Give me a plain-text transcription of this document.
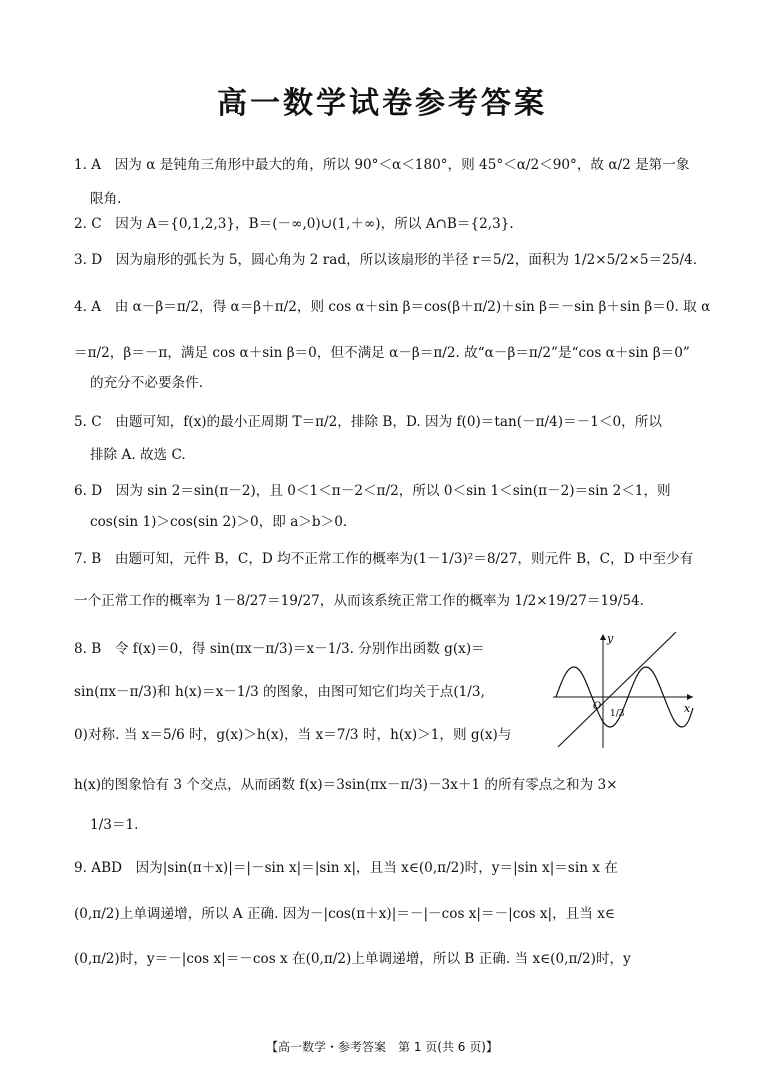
高一数学试卷参考答案
1. A　因为 α 是钝角三角形中最大的角，所以 90°＜α＜180°，则 45°＜α/2＜90°，故 α/2 是第一象
限角.
2. C　因为 A＝{0,1,2,3}，B＝(－∞,0)∪(1,＋∞)，所以 A∩B＝{2,3}.
3. D　因为扇形的弧长为 5，圆心角为 2 rad，所以该扇形的半径 r＝5/2，面积为 1/2×5/2×5＝25/4.
4. A　由 α－β＝π/2，得 α＝β＋π/2，则 cos α＋sin β＝cos(β＋π/2)＋sin β＝－sin β＋sin β＝0. 取 α
＝π/2，β＝－π，满足 cos α＋sin β＝0，但不满足 α－β＝π/2. 故“α－β＝π/2”是“cos α＋sin β＝0”
的充分不必要条件.
5. C　由题可知，f(x)的最小正周期 T＝π/2，排除 B，D. 因为 f(0)＝tan(－π/4)＝－1＜0，所以
排除 A. 故选 C.
6. D　因为 sin 2＝sin(π－2)，且 0＜1＜π－2＜π/2，所以 0＜sin 1＜sin(π－2)＝sin 2＜1，则
cos(sin 1)＞cos(sin 2)＞0，即 a＞b＞0.
7. B　由题可知，元件 B，C，D 均不正常工作的概率为(1－1/3)²＝8/27，则元件 B，C，D 中至少有
一个正常工作的概率为 1－8/27＝19/27，从而该系统正常工作的概率为 1/2×19/27＝19/54.
8. B　令 f(x)＝0，得 sin(πx－π/3)＝x－1/3. 分别作出函数 g(x)＝
sin(πx－π/3)和 h(x)＝x－1/3 的图象，由图可知它们均关于点(1/3,
0)对称. 当 x＝5/6 时，g(x)＞h(x)，当 x＝7/3 时，h(x)＞1，则 g(x)与
h(x)的图象恰有 3 个交点，从而函数 f(x)＝3sin(πx－π/3)－3x＋1 的所有零点之和为 3×
1/3＝1.
9. ABD　因为|sin(π＋x)|＝|－sin x|＝|sin x|，且当 x∈(0,π/2)时，y＝|sin x|＝sin x 在
(0,π/2)上单调递增，所以 A 正确. 因为－|cos(π＋x)|＝－|－cos x|＝－|cos x|，且当 x∈
(0,π/2)时，y＝－|cos x|＝－cos x 在(0,π/2)上单调递增，所以 B 正确. 当 x∈(0,π/2)时，y
y
x
O
1/3
【高一数学・参考答案　第 1 页(共 6 页)】
